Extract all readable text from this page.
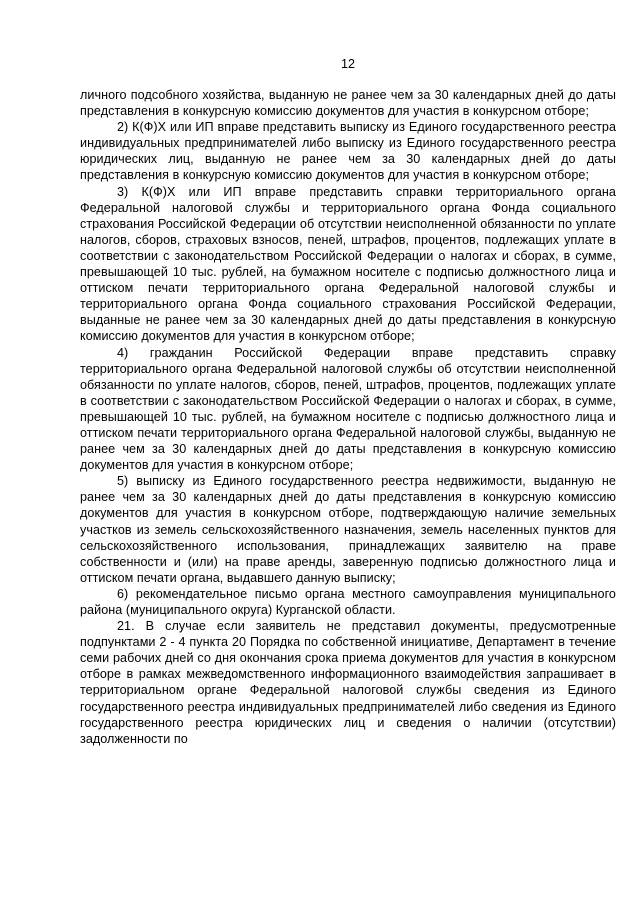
12

личного подсобного хозяйства, выданную не ранее чем за 30 календарных дней до даты представления в конкурсную комиссию документов для участия в конкурсном отборе;

2) К(Ф)Х или ИП вправе представить выписку из Единого государственного реестра индивидуальных предпринимателей либо выписку из Единого государственного реестра юридических лиц, выданную не ранее чем за 30 календарных дней до даты представления в конкурсную комиссию документов для участия в конкурсном отборе;

3) К(Ф)Х или ИП вправе представить справки территориального органа Федеральной налоговой службы и территориального органа Фонда социального страхования Российской Федерации об отсутствии неисполненной обязанности по уплате налогов, сборов, страховых взносов, пеней, штрафов, процентов, подлежащих уплате в соответствии с законодательством Российской Федерации о налогах и сборах, в сумме, превышающей 10 тыс. рублей, на бумажном носителе с подписью должностного лица и оттиском печати территориального органа Федеральной налоговой службы и территориального органа Фонда социального страхования Российской Федерации, выданные не ранее чем за 30 календарных дней до даты представления в конкурсную комиссию документов для участия в конкурсном отборе;

4) гражданин Российской Федерации вправе представить справку территориального органа Федеральной налоговой службы об отсутствии неисполненной обязанности по уплате налогов, сборов, пеней, штрафов, процентов, подлежащих уплате в соответствии с законодательством Российской Федерации о налогах и сборах, в сумме, превышающей 10 тыс. рублей, на бумажном носителе с подписью должностного лица и оттиском печати территориального органа Федеральной налоговой службы, выданную не ранее чем за 30 календарных дней до даты представления в конкурсную комиссию документов для участия в конкурсном отборе;

5) выписку из Единого государственного реестра недвижимости, выданную не ранее чем за 30 календарных дней до даты представления в конкурсную комиссию документов для участия в конкурсном отборе, подтверждающую наличие земельных участков из земель сельскохозяйственного назначения, земель населенных пунктов для сельскохозяйственного использования, принадлежащих заявителю на праве собственности и (или) на праве аренды, заверенную подписью должностного лица и оттиском печати органа, выдавшего данную выписку;

6) рекомендательное письмо органа местного самоуправления муниципального района (муниципального округа) Курганской области.

21. В случае если заявитель не представил документы, предусмотренные подпунктами 2 - 4 пункта 20 Порядка по собственной инициативе, Департамент в течение семи рабочих дней со дня окончания срока приема документов для участия в конкурсном отборе в рамках межведомственного информационного взаимодействия запрашивает в территориальном органе Федеральной налоговой службы сведения из Единого государственного реестра индивидуальных предпринимателей либо сведения из Единого государственного реестра юридических лиц и сведения о наличии (отсутствии) задолженности по
